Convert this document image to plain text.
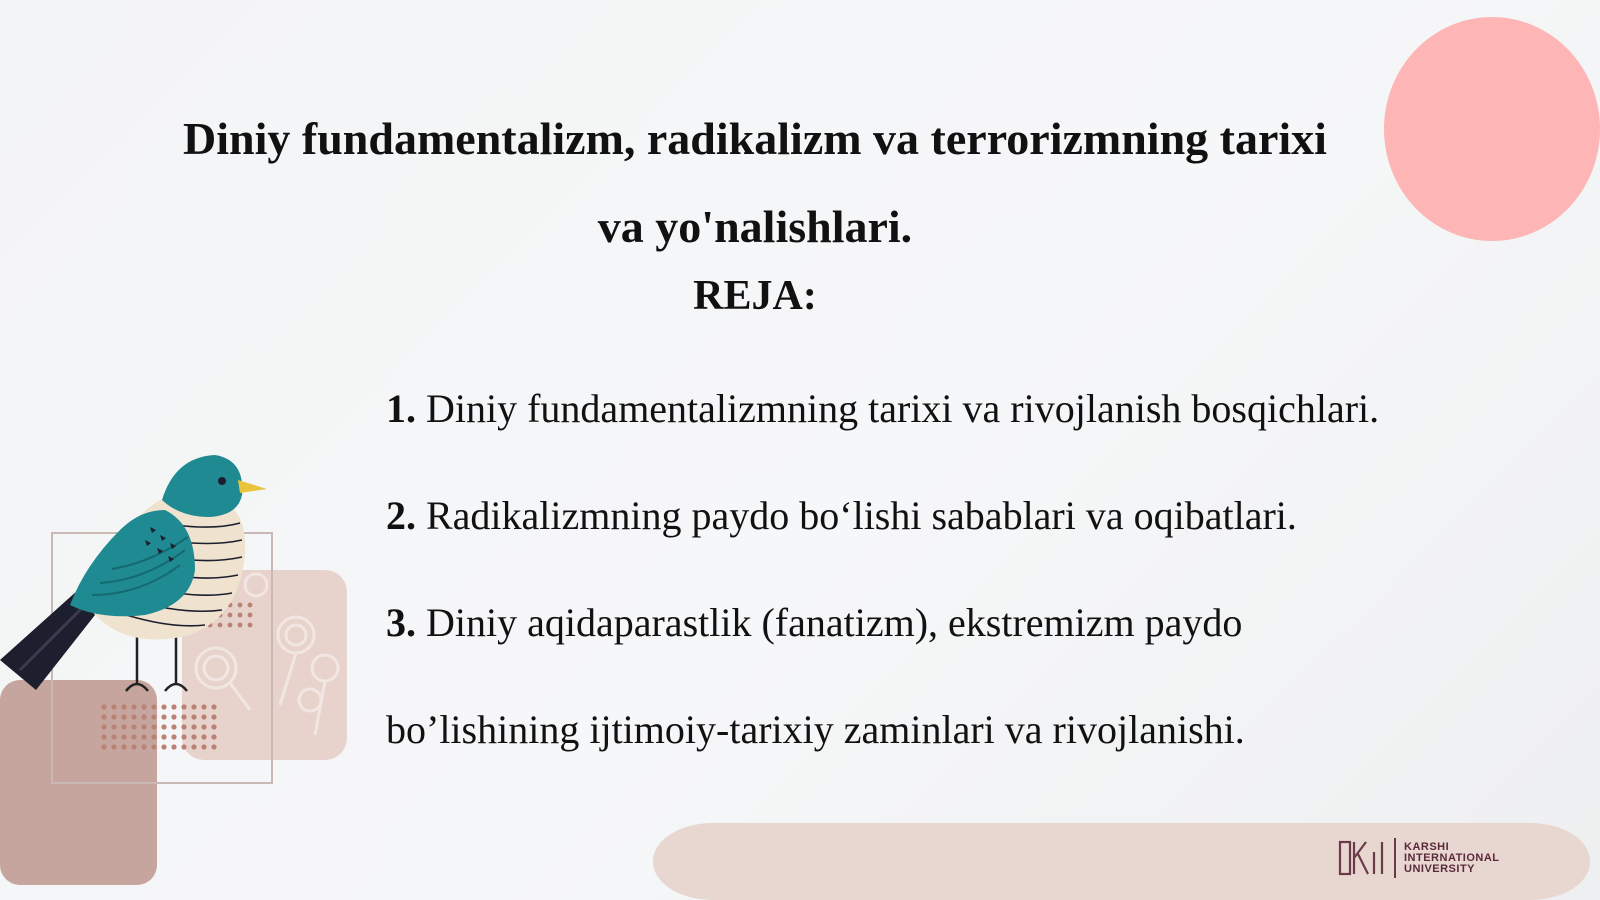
Diniy fundamentalizm, radikalizm va terrorizmning tarixi
va yo'nalishlari.
REJA:
1. Diniy fundamentalizmning tarixi va rivojlanish bosqichlari.
2. Radikalizmning paydo bo‘lishi sabablari va oqibatlari.
3. Diniy aqidaparastlik (fanatizm), ekstremizm paydo
bo’lishining ijtimoiy-tarixiy zaminlari va rivojlanishi.
KARSHI
INTERNATIONAL
UNIVERSITY
